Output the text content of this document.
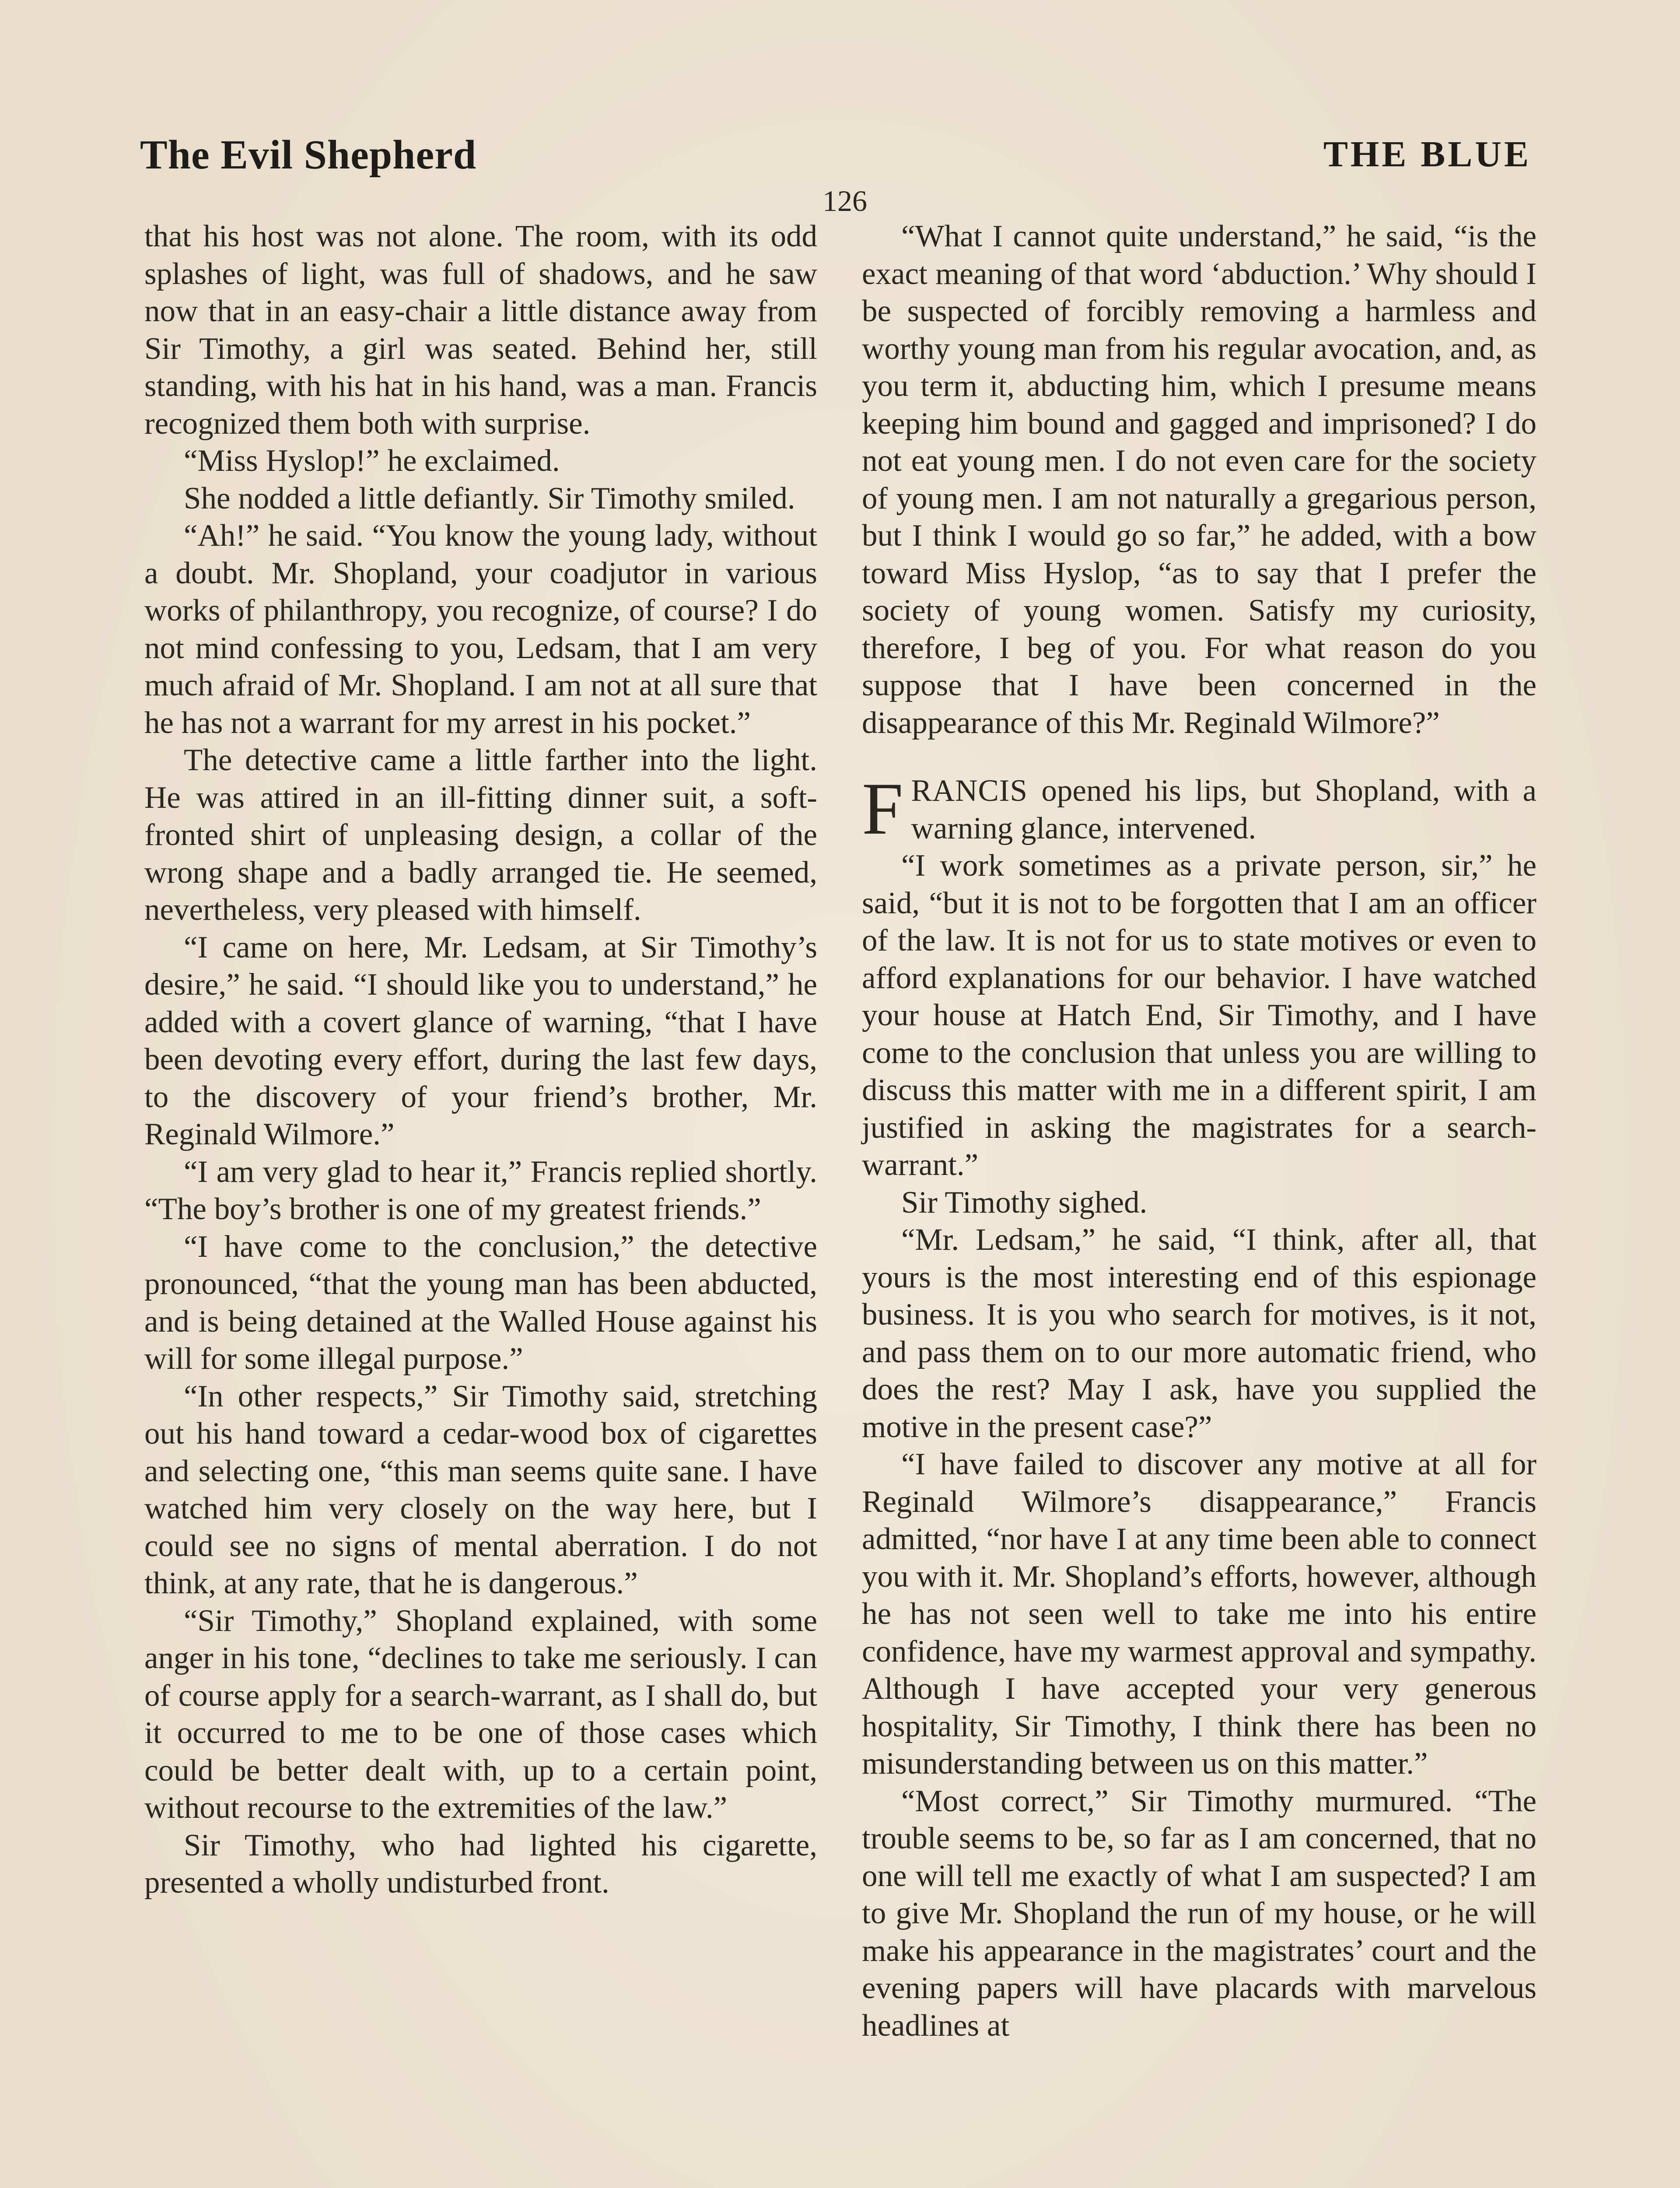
The Evil Shepherd	THE BLUE
126

that his host was not alone. The room, with its odd splashes of light, was full of shadows, and he saw now that in an easy-chair a little distance away from Sir Timothy, a girl was seated. Behind her, still standing, with his hat in his hand, was a man. Francis recognized them both with surprise.

“Miss Hyslop!” he exclaimed.

She nodded a little defiantly. Sir Timothy smiled.

“Ah!” he said. “You know the young lady, without a doubt. Mr. Shopland, your coadjutor in various works of philanthropy, you recognize, of course? I do not mind confessing to you, Ledsam, that I am very much afraid of Mr. Shopland. I am not at all sure that he has not a warrant for my arrest in his pocket.”

The detective came a little farther into the light. He was attired in an ill-fitting dinner suit, a soft-fronted shirt of unpleasing design, a collar of the wrong shape and a badly arranged tie. He seemed, nevertheless, very pleased with himself.

“I came on here, Mr. Ledsam, at Sir Timothy’s desire,” he said. “I should like you to understand,” he added with a covert glance of warning, “that I have been devoting every effort, during the last few days, to the discovery of your friend’s brother, Mr. Reginald Wilmore.”

“I am very glad to hear it,” Francis replied shortly. “The boy’s brother is one of my greatest friends.”

“I have come to the conclusion,” the detective pronounced, “that the young man has been abducted, and is being detained at the Walled House against his will for some illegal purpose.”

“In other respects,” Sir Timothy said, stretching out his hand toward a cedar-wood box of cigarettes and selecting one, “this man seems quite sane. I have watched him very closely on the way here, but I could see no signs of mental aberration. I do not think, at any rate, that he is dangerous.”

“Sir Timothy,” Shopland explained, with some anger in his tone, “declines to take me seriously. I can of course apply for a search-warrant, as I shall do, but it occurred to me to be one of those cases which could be better dealt with, up to a certain point, without recourse to the extremities of the law.”

Sir Timothy, who had lighted his cigarette, presented a wholly undisturbed front.

“What I cannot quite understand,” he said, “is the exact meaning of that word ‘abduction.’ Why should I be suspected of forcibly removing a harmless and worthy young man from his regular avocation, and, as you term it, abducting him, which I presume means keeping him bound and gagged and imprisoned? I do not eat young men. I do not even care for the society of young men. I am not naturally a gregarious person, but I think I would go so far,” he added, with a bow toward Miss Hyslop, “as to say that I prefer the society of young women. Satisfy my curiosity, therefore, I beg of you. For what reason do you suppose that I have been concerned in the disappearance of this Mr. Reginald Wilmore?”

FRANCIS opened his lips, but Shopland, with a warning glance, intervened.

“I work sometimes as a private person, sir,” he said, “but it is not to be forgotten that I am an officer of the law. It is not for us to state motives or even to afford explanations for our behavior. I have watched your house at Hatch End, Sir Timothy, and I have come to the conclusion that unless you are willing to discuss this matter with me in a different spirit, I am justified in asking the magistrates for a search-warrant.”

Sir Timothy sighed.

“Mr. Ledsam,” he said, “I think, after all, that yours is the most interesting end of this espionage business. It is you who search for motives, is it not, and pass them on to our more automatic friend, who does the rest? May I ask, have you supplied the motive in the present case?”

“I have failed to discover any motive at all for Reginald Wilmore’s disappearance,” Francis admitted, “nor have I at any time been able to connect you with it. Mr. Shopland’s efforts, however, although he has not seen well to take me into his entire confidence, have my warmest approval and sympathy. Although I have accepted your very generous hospitality, Sir Timothy, I think there has been no misunderstanding between us on this matter.”

“Most correct,” Sir Timothy murmured. “The trouble seems to be, so far as I am concerned, that no one will tell me exactly of what I am suspected? I am to give Mr. Shopland the run of my house, or he will make his appearance in the magistrates’ court and the evening papers will have placards with marvelous headlines at
